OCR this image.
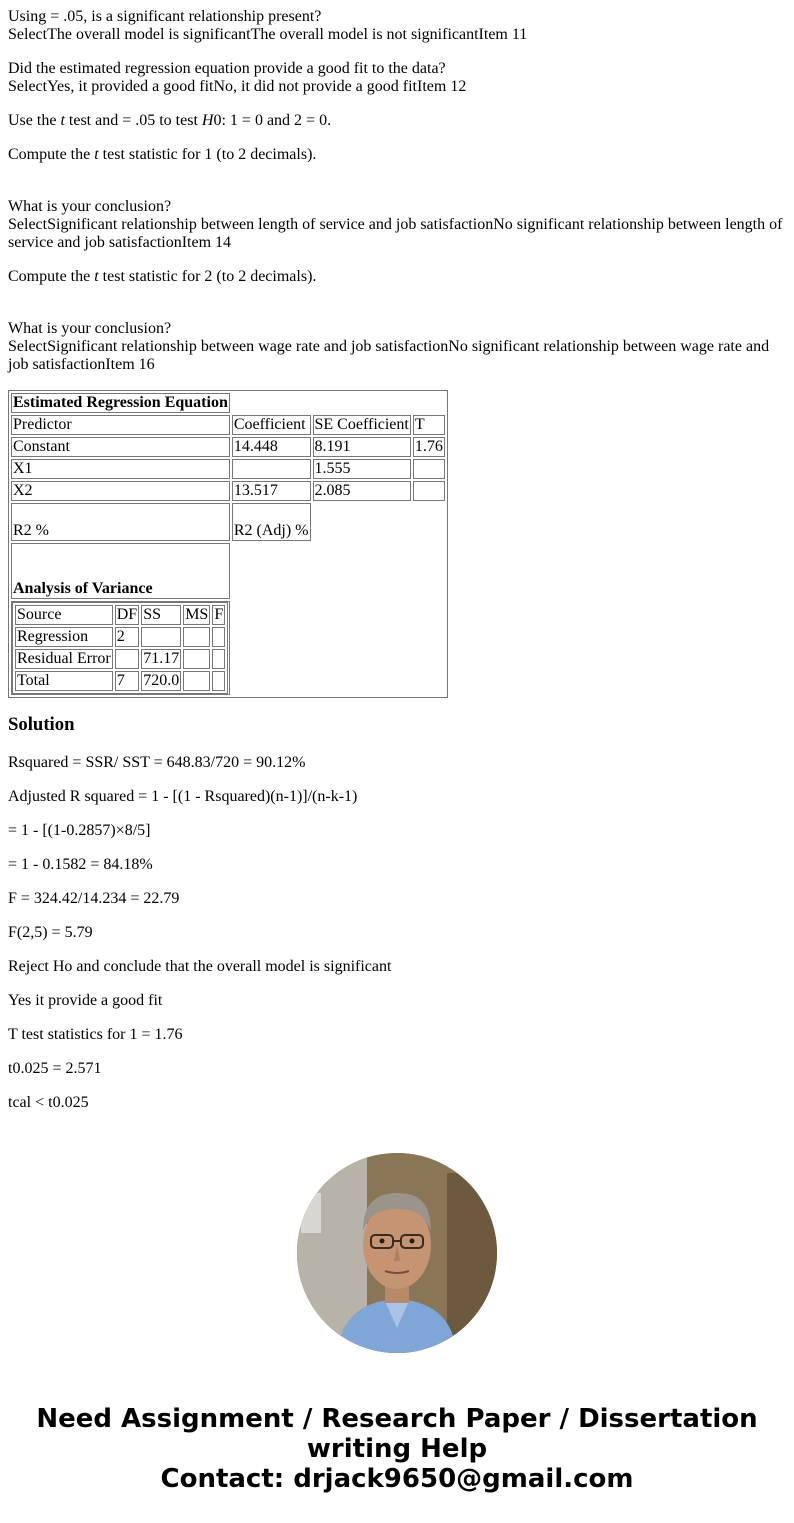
Using = .05, is a significant relationship present?
SelectThe overall model is significantThe overall model is not significantItem 11
Did the estimated regression equation provide a good fit to the data?
SelectYes, it provided a good fitNo, it did not provide a good fitItem 12

Use the t test and = .05 to test H0: 1 = 0 and 2 = 0.

Compute the t test statistic for 1 (to 2 decimals).

What is your conclusion?
SelectSignificant relationship between length of service and job satisfactionNo significant relationship between length of service and job satisfactionItem 14

Compute the t test statistic for 2 (to 2 decimals).

What is your conclusion?
SelectSignificant relationship between wage rate and job satisfactionNo significant relationship between wage rate and job satisfactionItem 16
Estimated Regression Equation
Predictor	Coefficient	SE Coefficient	T
Constant	14.448	8.191	1.76
X1		1.555	
X2	13.517	2.085	
R2 %	R2 (Adj) %
Analysis of Variance

Source	DF	SS	MS	F
Regression	2			
Residual Error		71.17		
Total	7	720.0		
Solution

Rsquared = SSR/ SST = 648.83/720 = 90.12%

Adjusted R squared = 1 - [(1 - Rsquared)(n-1)]/(n-k-1)

= 1 - [(1-0.2857)×8/5]

= 1 - 0.1582 = 84.18%

F = 324.42/14.234 = 22.79

F(2,5) = 5.79

Reject Ho and conclude that the overall model is significant

Yes it provide a good fit

T test statistics for 1 = 1.76

t0.025 = 2.571

tcal < t0.025

Need Assignment / Research Paper / Dissertation
writing Help
Contact: drjack9650@gmail.com
